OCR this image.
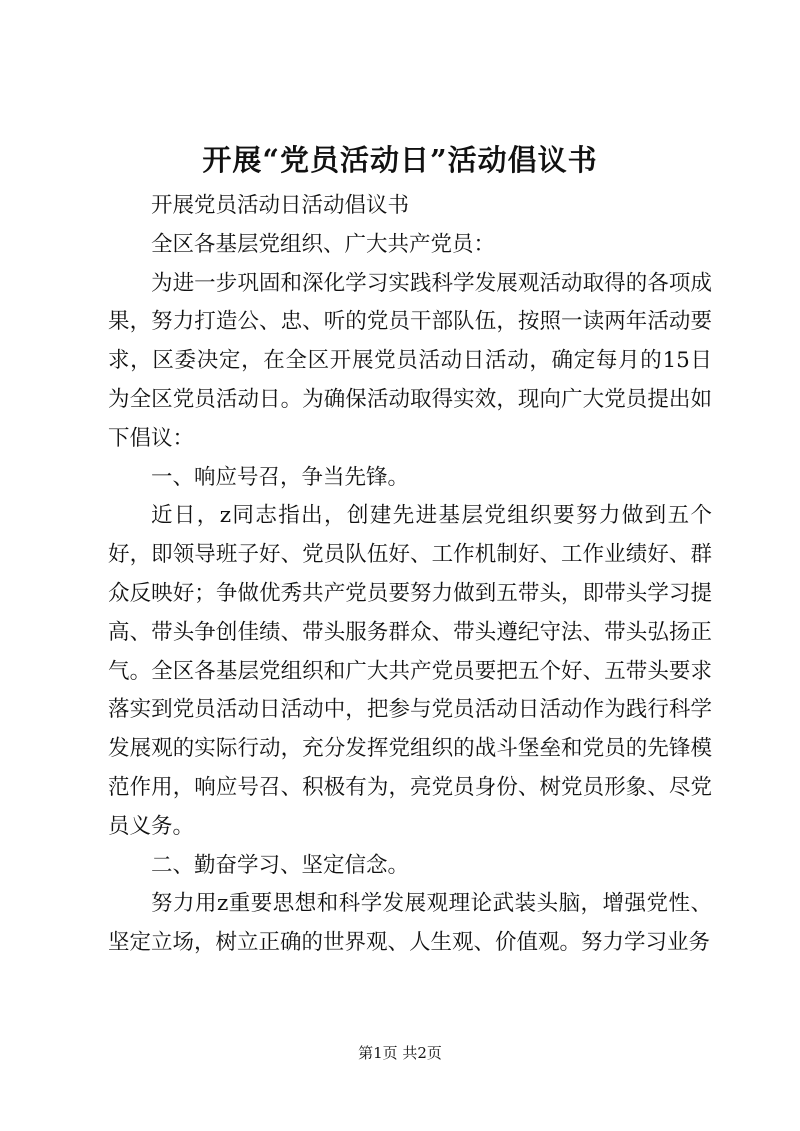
开展“党员活动日”活动倡议书

开展党员活动日活动倡议书

全区各基层党组织、广大共产党员：

为进一步巩固和深化学习实践科学发展观活动取得的各项成果，努力打造公、忠、听的党员干部队伍，按照一读两年活动要求，区委决定，在全区开展党员活动日活动，确定每月的15日为全区党员活动日。为确保活动取得实效，现向广大党员提出如下倡议：

一、响应号召，争当先锋。

近日，z同志指出，创建先进基层党组织要努力做到五个好，即领导班子好、党员队伍好、工作机制好、工作业绩好、群众反映好；争做优秀共产党员要努力做到五带头，即带头学习提高、带头争创佳绩、带头服务群众、带头遵纪守法、带头弘扬正气。全区各基层党组织和广大共产党员要把五个好、五带头要求落实到党员活动日活动中，把参与党员活动日活动作为践行科学发展观的实际行动，充分发挥党组织的战斗堡垒和党员的先锋模范作用，响应号召、积极有为，亮党员身份、树党员形象、尽党员义务。

二、勤奋学习、坚定信念。

努力用z重要思想和科学发展观理论武装头脑，增强党性、坚定立场，树立正确的世界观、人生观、价值观。努力学习业务

第1页 共2页
